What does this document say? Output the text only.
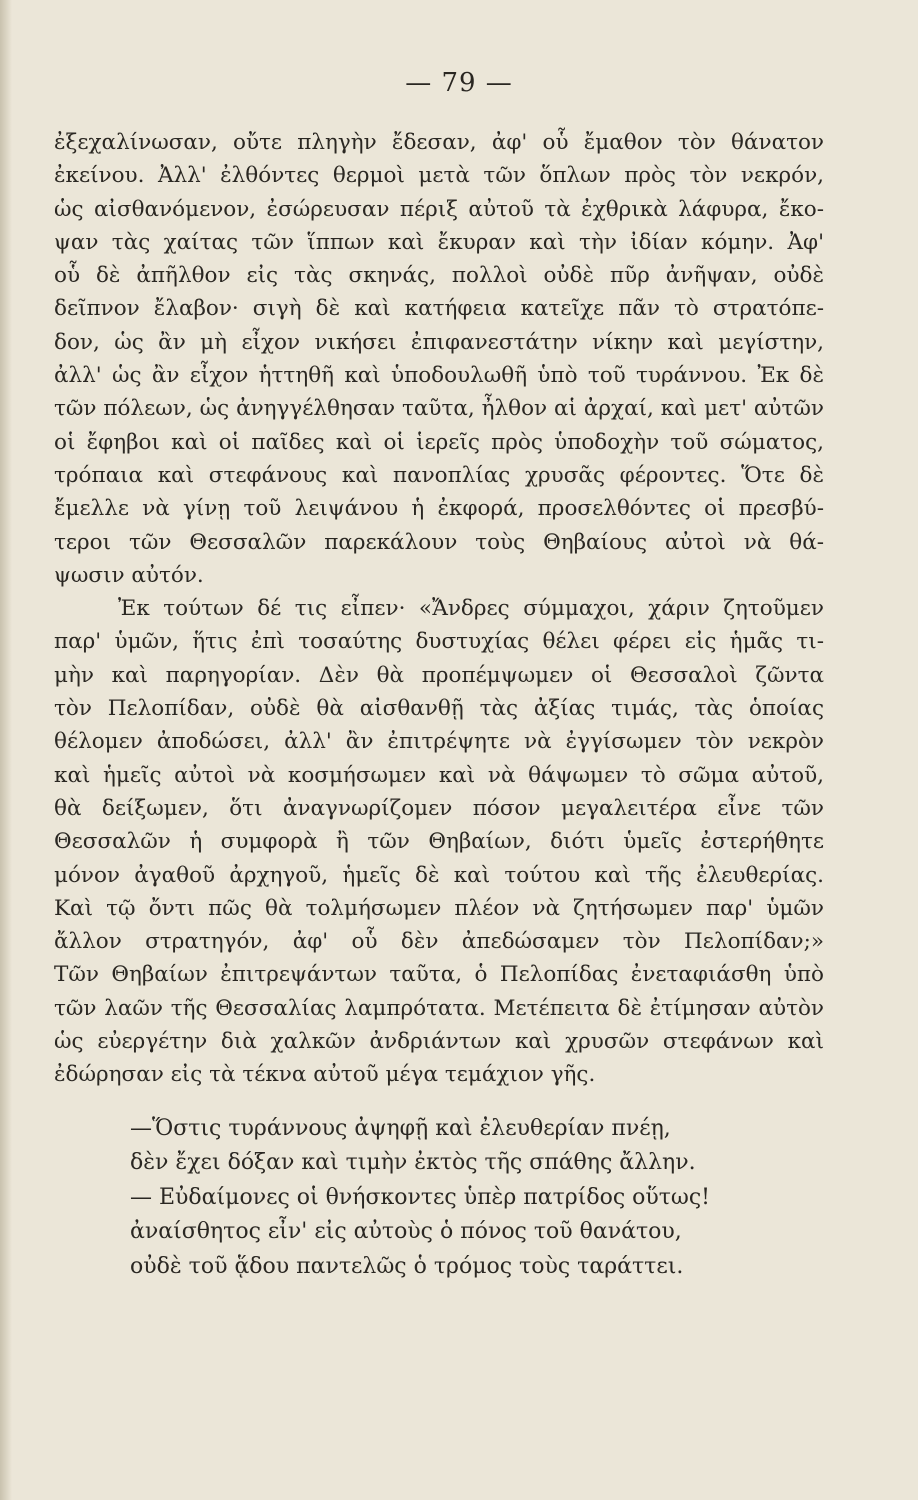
— 79 —
ἐξεχαλίνωσαν, οὔτε πληγὴν ἔδεσαν, ἀφ' οὗ ἔμαθον τὸν θάνατον
ἐκείνου. Ἀλλ' ἐλθόντες θερμοὶ μετὰ τῶν ὅπλων πρὸς τὸν νεκρόν,
ὡς αἰσθανόμενον, ἐσώρευσαν πέριξ αὐτοῦ τὰ ἐχθρικὰ λάφυρα, ἔκο-
ψαν τὰς χαίτας τῶν ἵππων καὶ ἔκυραν καὶ τὴν ἰδίαν κόμην. Ἀφ'
οὗ δὲ ἀπῆλθον εἰς τὰς σκηνάς, πολλοὶ οὐδὲ πῦρ ἀνῆψαν, οὐδὲ
δεῖπνον ἔλαβον· σιγὴ δὲ καὶ κατήφεια κατεῖχε πᾶν τὸ στρατόπε-
δον, ὡς ἂν μὴ εἶχον νικήσει ἐπιφανεστάτην νίκην καὶ μεγίστην,
ἀλλ' ὡς ἂν εἶχον ἡττηθῆ καὶ ὑποδουλωθῆ ὑπὸ τοῦ τυράννου. Ἐκ δὲ
τῶν πόλεων, ὡς ἀνηγγέλθησαν ταῦτα, ἦλθον αἱ ἀρχαί, καὶ μετ' αὐτῶν
οἱ ἔφηβοι καὶ οἱ παῖδες καὶ οἱ ἱερεῖς πρὸς ὑποδοχὴν τοῦ σώματος,
τρόπαια καὶ στεφάνους καὶ πανοπλίας χρυσᾶς φέροντες. Ὅτε δὲ
ἔμελλε νὰ γίνῃ τοῦ λειψάνου ἡ ἐκφορά, προσελθόντες οἱ πρεσβύ-
τεροι τῶν Θεσσαλῶν παρεκάλουν τοὺς Θηβαίους αὐτοὶ νὰ θά-
ψωσιν αὐτόν.
Ἐκ τούτων δέ τις εἶπεν· «Ἄνδρες σύμμαχοι, χάριν ζητοῦμεν
παρ' ὑμῶν, ἥτις ἐπὶ τοσαύτης δυστυχίας θέλει φέρει εἰς ἡμᾶς τι-
μὴν καὶ παρηγορίαν. Δὲν θὰ προπέμψωμεν οἱ Θεσσαλοὶ ζῶντα
τὸν Πελοπίδαν, οὐδὲ θὰ αἰσθανθῇ τὰς ἀξίας τιμάς, τὰς ὁποίας
θέλομεν ἀποδώσει, ἀλλ' ἂν ἐπιτρέψητε νὰ ἐγγίσωμεν τὸν νεκρὸν
καὶ ἡμεῖς αὐτοὶ νὰ κοσμήσωμεν καὶ νὰ θάψωμεν τὸ σῶμα αὐτοῦ,
θὰ δείξωμεν, ὅτι ἀναγνωρίζομεν πόσον μεγαλειτέρα εἶνε τῶν
Θεσσαλῶν ἡ συμφορὰ ἢ τῶν Θηβαίων, διότι ὑμεῖς ἐστερήθητε
μόνον ἀγαθοῦ ἀρχηγοῦ, ἡμεῖς δὲ καὶ τούτου καὶ τῆς ἐλευθερίας.
Καὶ τῷ ὄντι πῶς θὰ τολμήσωμεν πλέον νὰ ζητήσωμεν παρ' ὑμῶν
ἄλλον στρατηγόν, ἀφ' οὗ δὲν ἀπεδώσαμεν τὸν Πελοπίδαν;»
Τῶν Θηβαίων ἐπιτρεψάντων ταῦτα, ὁ Πελοπίδας ἐνεταφιάσθη ὑπὸ
τῶν λαῶν τῆς Θεσσαλίας λαμπρότατα. Μετέπειτα δὲ ἐτίμησαν αὐτὸν
ὡς εὐεργέτην διὰ χαλκῶν ἀνδριάντων καὶ χρυσῶν στεφάνων καὶ
ἐδώρησαν εἰς τὰ τέκνα αὐτοῦ μέγα τεμάχιον γῆς.
—Ὅστις τυράννους ἀψηφῇ καὶ ἐλευθερίαν πνέῃ,
δὲν ἔχει δόξαν καὶ τιμὴν ἐκτὸς τῆς σπάθης ἄλλην.
— Εὐδαίμονες οἱ θνήσκοντες ὑπὲρ πατρίδος οὕτως!
ἀναίσθητος εἶν' εἰς αὐτοὺς ὁ πόνος τοῦ θανάτου,
οὐδὲ τοῦ ᾅδου παντελῶς ὁ τρόμος τοὺς ταράττει.
